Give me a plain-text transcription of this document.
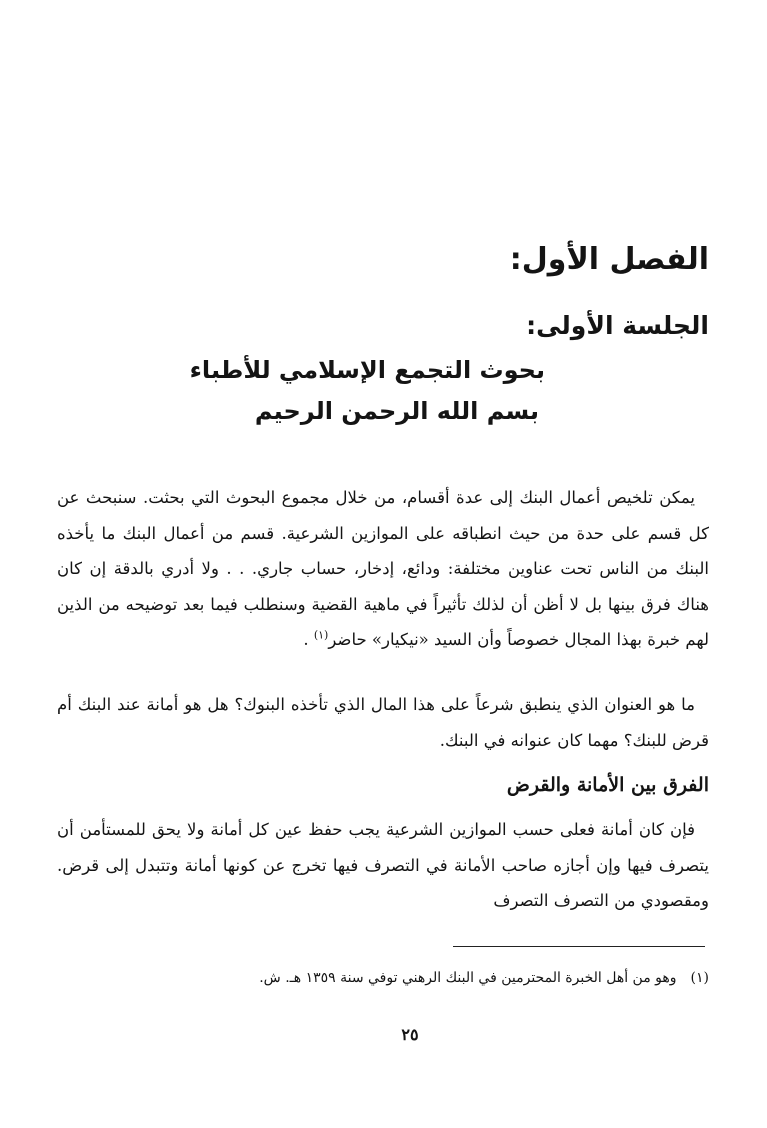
الفصل الأول:
الجلسة الأولى:
بحوث التجمع الإسلامي للأطباء

بسم الله الرحمن الرحيم

يمكن تلخيص أعمال البنك إلى عدة أقسام، من خلال مجموع البحوث التي بحثت. سنبحث عن كل قسم على حدة من حيث انطباقه على الموازين الشرعية. قسم من أعمال البنك ما يأخذه البنك من الناس تحت عناوين مختلفة: ودائع، إدخار، حساب جاري. . . ولا أدري بالدقة إن كان هناك فرق بينها بل لا أظن أن لذلك تأثيراً في ماهية القضية وسنطلب فيما بعد توضيحه من الذين لهم خبرة بهذا المجال خصوصاً وأن السيد «نيكيار» حاضر$^{(١)}$ .

ما هو العنوان الذي ينطبق شرعاً على هذا المال الذي تأخذه البنوك؟ هل هو أمانة عند البنك أم قرض للبنك؟ مهما كان عنوانه في البنك.

الفرق بين الأمانة والقرض

فإن كان أمانة فعلى حسب الموازين الشرعية يجب حفظ عين كل أمانة ولا يحق للمستأمن أن يتصرف فيها وإن أجازه صاحب الأمانة في التصرف فيها تخرج عن كونها أمانة وتتبدل إلى قرض. ومقصودي من التصرف التصرف

(١)وهو من أهل الخبرة المحترمين في البنك الرهني توفي سنة ١٣٥٩ هـ. ش.

٢٥
